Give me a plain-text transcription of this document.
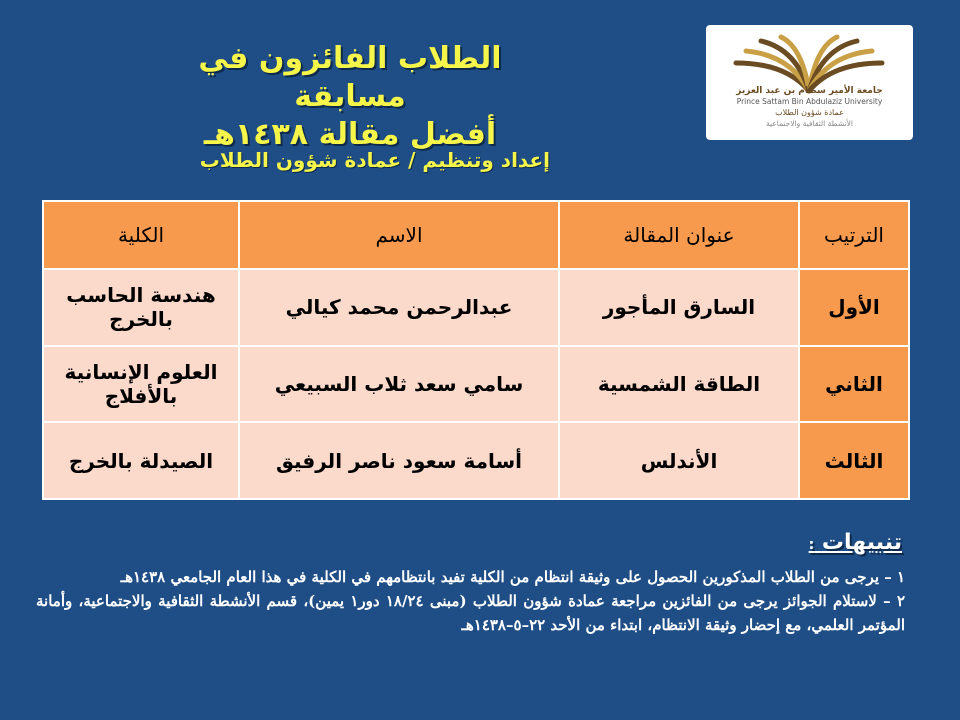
الطلاب الفائزون في مسابقة
أفضل مقالة ١٤٣٨هـ
إعداد وتنظيم / عمادة شؤون الطلاب
جامعة الأمير سطام بن عبد العزيز
Prince Sattam Bin Abdulaziz University
عمادة شؤون الطلاب
الأنشطة الثقافية والاجتماعية
الترتيب	عنوان المقالة	الاسم	الكلية
الأول	السارق المأجور	عبدالرحمن محمد كيالي	هندسة الحاسب بالخرج
الثاني	الطاقة الشمسية	سامي سعد ثلاب السبيعي	العلوم الإنسانية بالأفلاج
الثالث	الأندلس	أسامة سعود ناصر الرفيق	الصيدلة بالخرج
تنبيهات :

١ – يرجى من الطلاب المذكورين الحصول على وثيقة انتظام من الكلية تفيد بانتظامهم في الكلية في هذا العام الجامعي ١٤٣٨هـ

٢ – لاستلام الجوائز يرجى من الفائزين مراجعة عمادة شؤون الطلاب (مبنى ١٨/٢٤ دور١ يمين)، قسم الأنشطة الثقافية والاجتماعية، وأمانة المؤتمر العلمي، مع إحضار وثيقة الانتظام، ابتداء من الأحد ٢٢–٥–١٤٣٨هـ
